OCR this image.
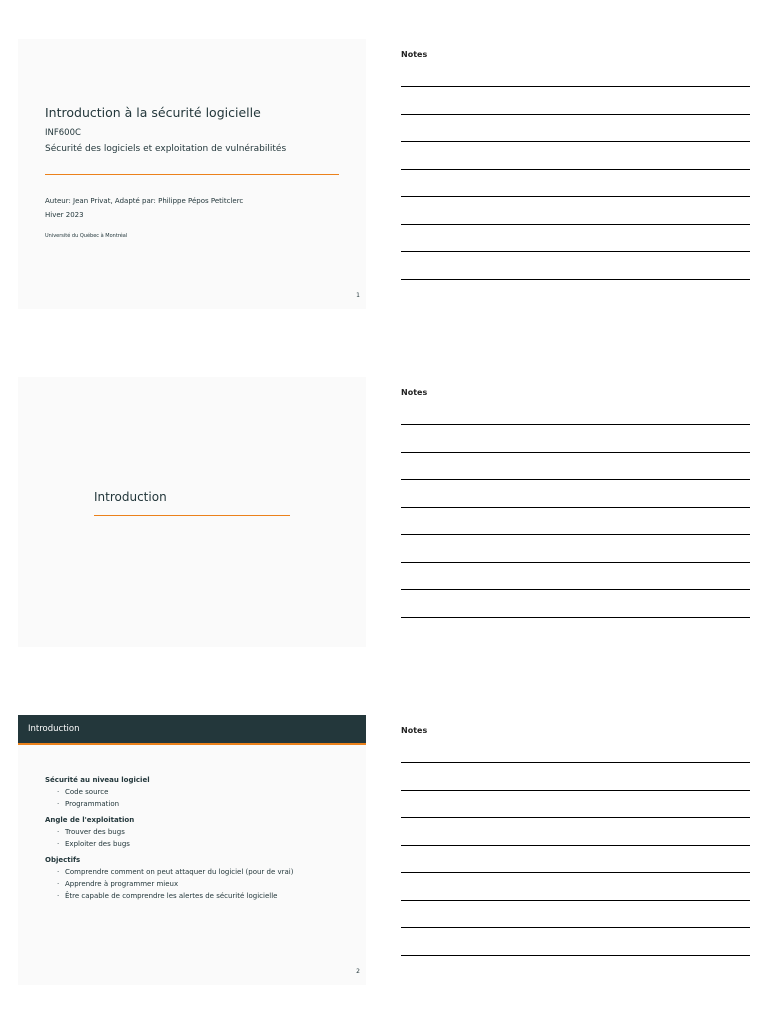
Introduction à la sécurité logicielle
INF600C
Sécurité des logiciels et exploitation de vulnérabilités
Auteur: Jean Privat, Adapté par: Philippe Pépos Petitclerc
Hiver 2023
Université du Québec à Montréal
1
Notes
Introduction
Notes
Introduction
Sécurité au niveau logiciel
· Code source
· Programmation
Angle de l'exploitation
· Trouver des bugs
· Exploiter des bugs
Objectifs
· Comprendre comment on peut attaquer du logiciel (pour de vrai)
· Apprendre à programmer mieux
· Être capable de comprendre les alertes de sécurité logicielle
2
Notes
